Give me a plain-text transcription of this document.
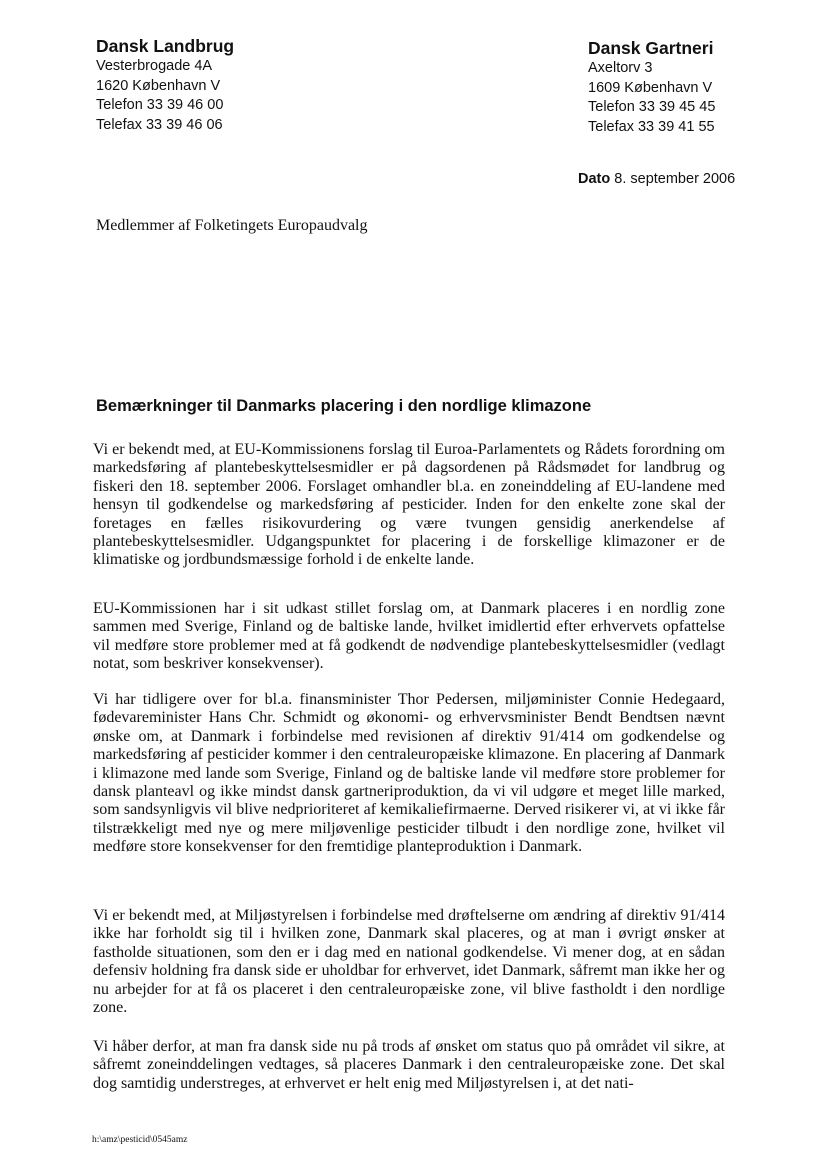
Dansk Landbrug
Vesterbrogade 4A
1620 København V
Telefon 33 39 46 00
Telefax 33 39 46 06
Dansk Gartneri
Axeltorv 3
1609 København V
Telefon 33 39 45 45
Telefax 33 39 41 55
Dato 8. september 2006
Medlemmer af Folketingets Europaudvalg
Bemærkninger til Danmarks placering i den nordlige klimazone

Vi er bekendt med, at EU-Kommissionens forslag til Euroa-Parlamentets og Rådets forordning om markedsføring af plantebeskyttelsesmidler er på dagsordenen på Rådsmødet for landbrug og fiskeri den 18. september 2006. Forslaget omhandler bl.a. en zoneinddeling af EU-landene med hensyn til godkendelse og markedsføring af pesticider. Inden for den enkelte zone skal der foretages en fælles risikovurdering og være tvungen gensidig anerkendelse af plantebeskyttelsesmidler. Udgangspunktet for placering i de forskellige klimazoner er de klimatiske og jordbundsmæssige forhold i de enkelte lande.

EU-Kommissionen har i sit udkast stillet forslag om, at Danmark placeres i en nordlig zone sammen med Sverige, Finland og de baltiske lande, hvilket imidlertid efter erhvervets opfattelse vil medføre store problemer med at få godkendt de nødvendige plantebeskyttelsesmidler (vedlagt notat, som beskriver konsekvenser).

Vi har tidligere over for bl.a. finansminister Thor Pedersen, miljøminister Connie Hedegaard, fødevareminister Hans Chr. Schmidt og økonomi- og erhvervsminister Bendt Bendtsen nævnt ønske om, at Danmark i forbindelse med revisionen af direktiv 91/414 om godkendelse og markedsføring af pesticider kommer i den centraleuropæiske klimazone. En placering af Danmark i klimazone med lande som Sverige, Finland og de baltiske lande vil medføre store problemer for dansk planteavl og ikke mindst dansk gartneriproduktion, da vi vil udgøre et meget lille marked, som sandsynligvis vil blive nedprioriteret af kemikaliefirmaerne. Derved risikerer vi, at vi ikke får tilstrækkeligt med nye og mere miljøvenlige pesticider tilbudt i den nordlige zone, hvilket vil medføre store konsekvenser for den fremtidige planteproduktion i Danmark.

Vi er bekendt med, at Miljøstyrelsen i forbindelse med drøftelserne om ændring af direktiv 91/414 ikke har forholdt sig til i hvilken zone, Danmark skal placeres, og at man i øvrigt ønsker at fastholde situationen, som den er i dag med en national godkendelse. Vi mener dog, at en sådan defensiv holdning fra dansk side er uholdbar for erhvervet, idet Danmark, såfremt man ikke her og nu arbejder for at få os placeret i den centraleuropæiske zone, vil blive fastholdt i den nordlige zone.

Vi håber derfor, at man fra dansk side nu på trods af ønsket om status quo på området vil sikre, at såfremt zoneinddelingen vedtages, så placeres Danmark i den centraleuropæiske zone. Det skal dog samtidig understreges, at erhvervet er helt enig med Miljøstyrelsen i, at det nati-

h:\amz\pesticid\0545amz
